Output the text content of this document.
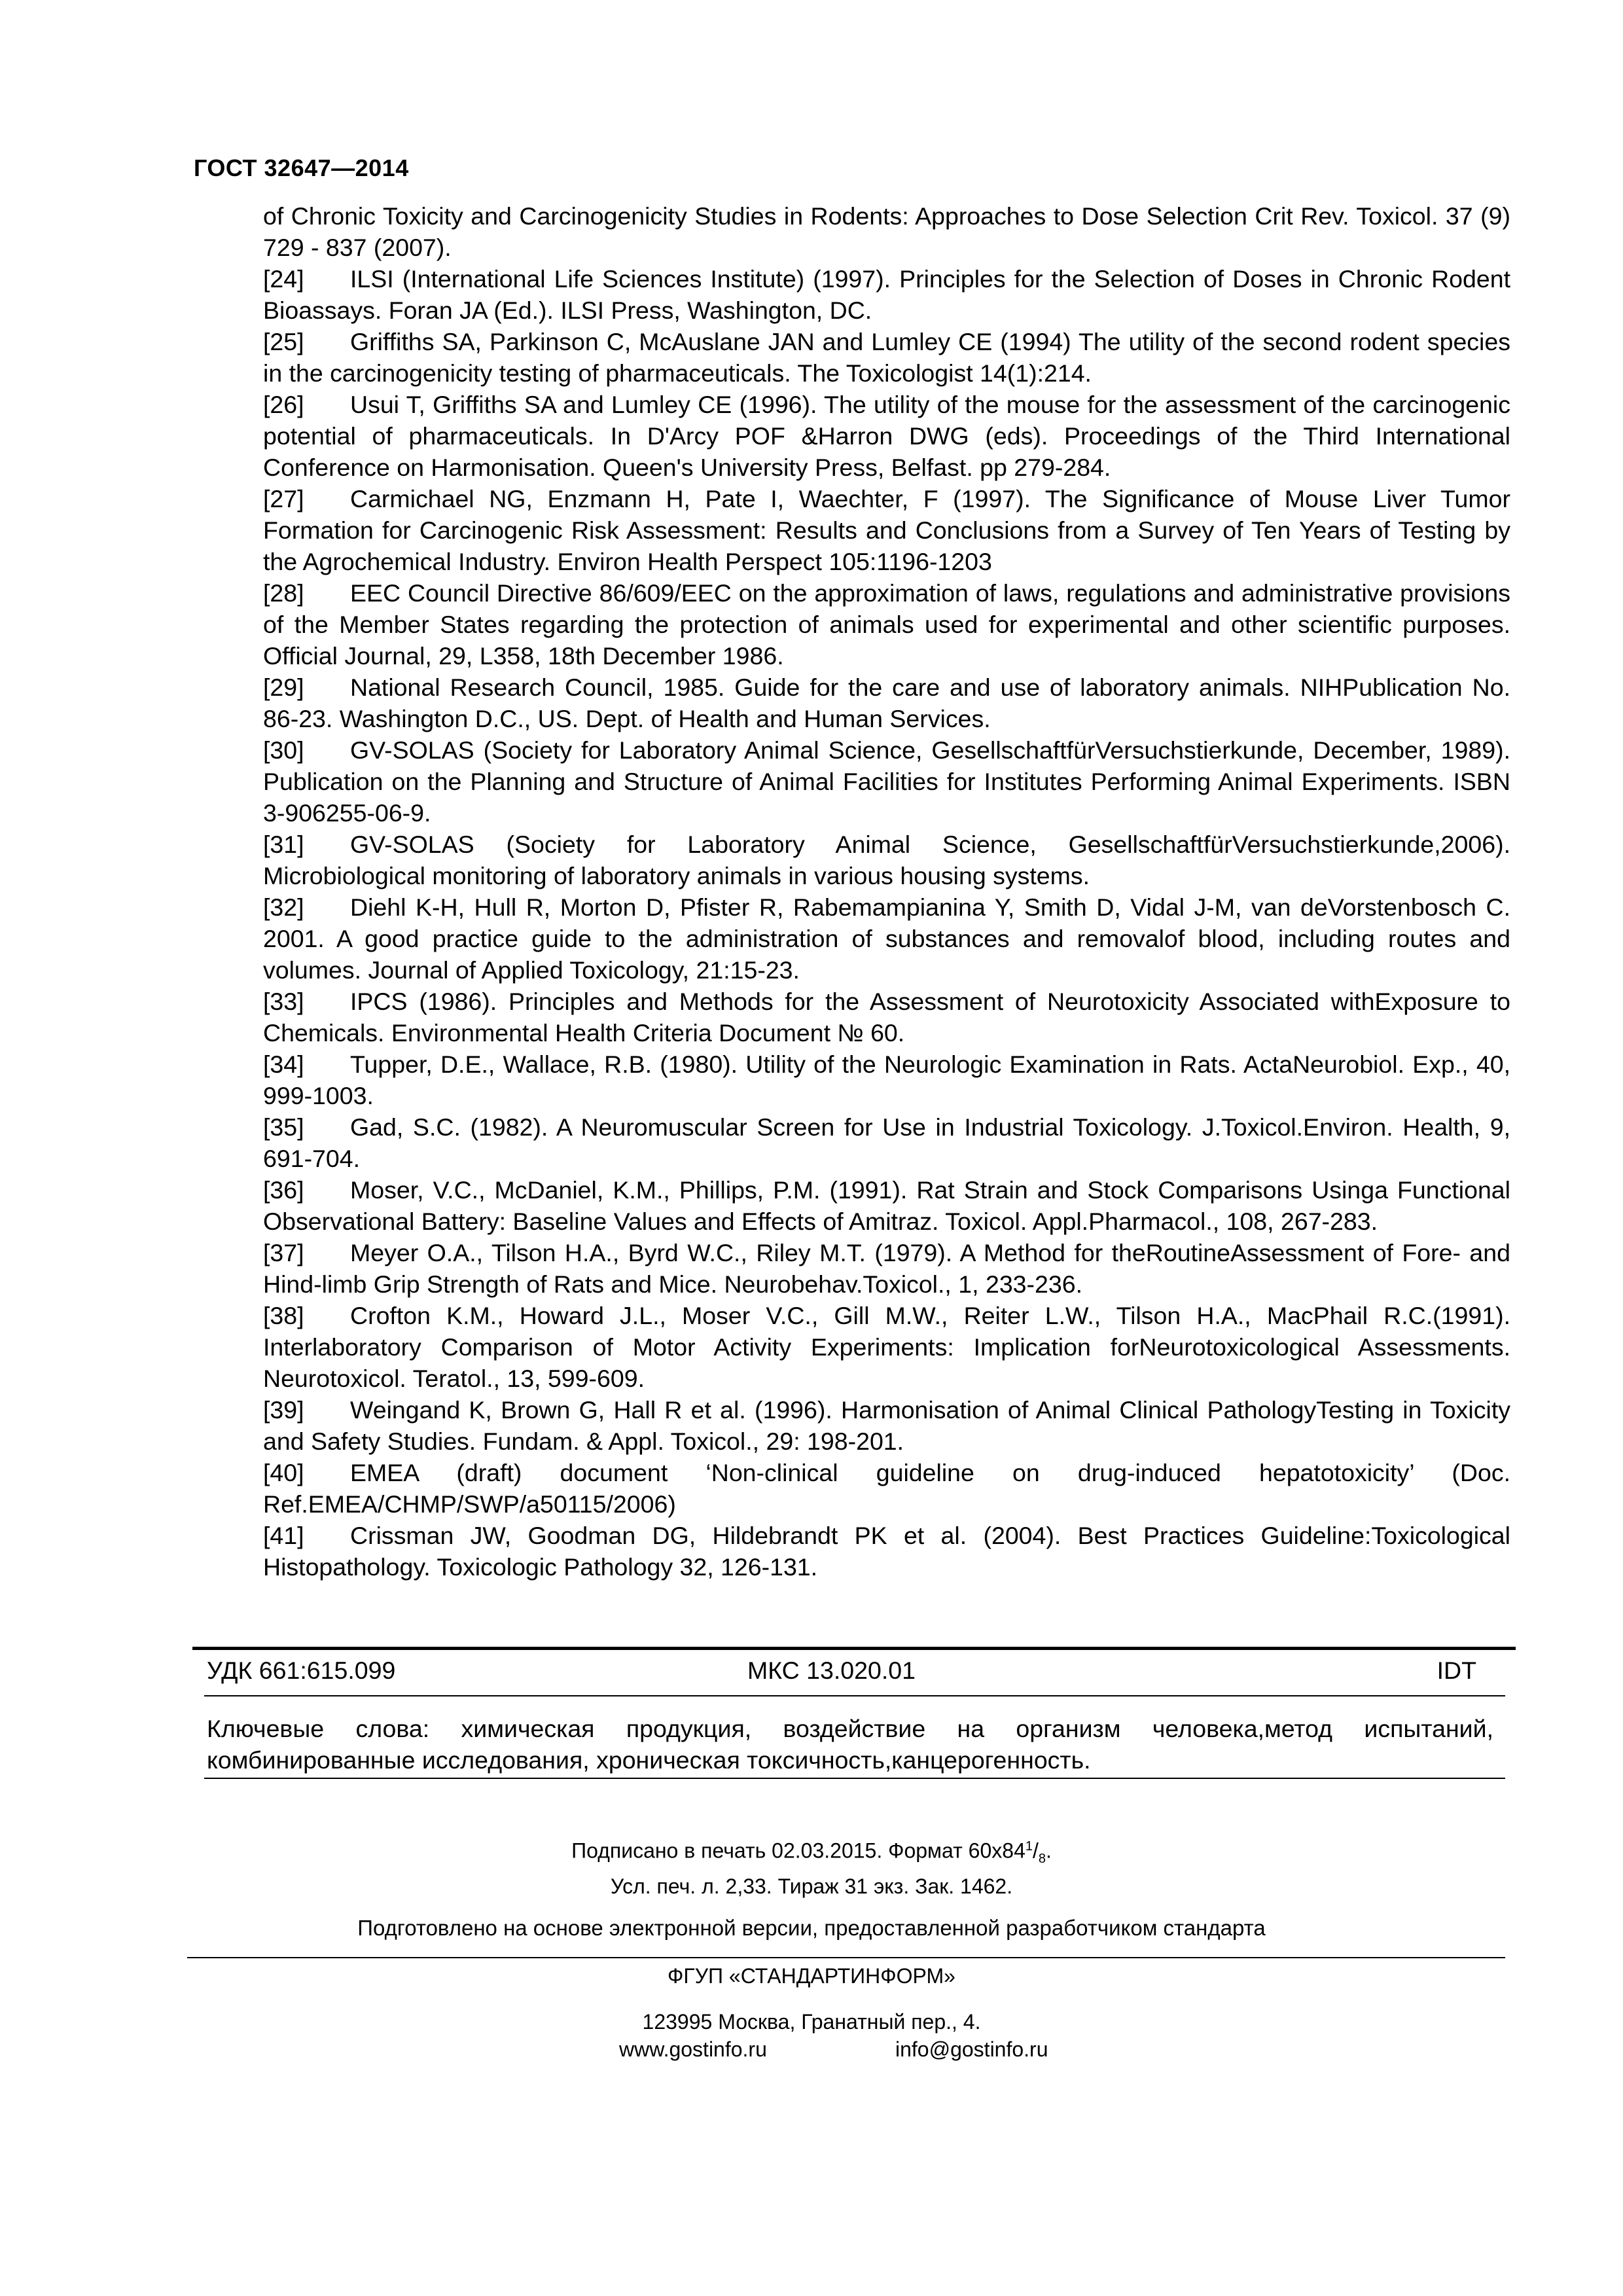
ГОСТ 32647—2014

of Chronic Toxicity and Carcinogenicity Studies in Rodents: Approaches to Dose Selection Crit Rev. Toxicol. 37 (9) 729 - 837 (2007).

[24] ILSI (International Life Sciences Institute) (1997). Principles for the Selection of Doses in Chronic Rodent Bioassays. Foran JA (Ed.). ILSI Press, Washington, DC.

[25] Griffiths SA, Parkinson C, McAuslane JAN and Lumley CE (1994) The utility of the second rodent species in the carcinogenicity testing of pharmaceuticals. The Toxicologist 14(1):214.

[26] Usui T, Griffiths SA and Lumley CE (1996). The utility of the mouse for the assessment of the carcinogenic potential of pharmaceuticals. In D'Arcy POF &Harron DWG (eds). Proceedings of the Third International Conference on Harmonisation. Queen's University Press, Belfast. pp 279-284.

[27] Carmichael NG, Enzmann H, Pate I, Waechter, F (1997). The Significance of Mouse Liver Tumor Formation for Carcinogenic Risk Assessment: Results and Conclusions from a Survey of Ten Years of Testing by the Agrochemical Industry. Environ Health Perspect 105:1196-1203

[28] EEC Council Directive 86/609/EEC on the approximation of laws, regulations and administrative provisions of the Member States regarding the protection of animals used for experimental and other scientific purposes. Official Journal, 29, L358, 18th December 1986.

[29] National Research Council, 1985. Guide for the care and use of laboratory animals. NIHPublication No. 86-23. Washington D.C., US. Dept. of Health and Human Services.

[30] GV-SOLAS (Society for Laboratory Animal Science, GesellschaftfürVersuchstierkunde, December, 1989). Publication on the Planning and Structure of Animal Facilities for Institutes Performing Animal Experiments. ISBN 3-906255-06-9.

[31] GV-SOLAS (Society for Laboratory Animal Science, GesellschaftfürVersuchstierkunde,2006). Microbiological monitoring of laboratory animals in various housing systems.

[32] Diehl K-H, Hull R, Morton D, Pfister R, Rabemampianina Y, Smith D, Vidal J-M, van deVorstenbosch C. 2001. A good practice guide to the administration of substances and removalof blood, including routes and volumes. Journal of Applied Toxicology, 21:15-23.

[33] IPCS (1986). Principles and Methods for the Assessment of Neurotoxicity Associated withExposure to Chemicals. Environmental Health Criteria Document № 60.

[34] Tupper, D.E., Wallace, R.B. (1980). Utility of the Neurologic Examination in Rats. ActaNeurobiol. Exp., 40, 999-1003.

[35] Gad, S.C. (1982). A Neuromuscular Screen for Use in Industrial Toxicology. J.Toxicol.Environ. Health, 9, 691-704.

[36] Moser, V.C., McDaniel, K.M., Phillips, P.M. (1991). Rat Strain and Stock Comparisons Usinga Functional Observational Battery: Baseline Values and Effects of Amitraz. Toxicol. Appl.Pharmacol., 108, 267-283.

[37] Meyer O.A., Tilson H.A., Byrd W.C., Riley M.T. (1979). A Method for theRoutineAssessment of Fore- and Hind-limb Grip Strength of Rats and Mice. Neurobehav.Toxicol., 1, 233-236.

[38] Crofton K.M., Howard J.L., Moser V.C., Gill M.W., Reiter L.W., Tilson H.A., MacPhail R.C.(1991). Interlaboratory Comparison of Motor Activity Experiments: Implication forNeurotoxicological Assessments. Neurotoxicol. Teratol., 13, 599-609.

[39] Weingand K, Brown G, Hall R et al. (1996). Harmonisation of Animal Clinical PathologyTesting in Toxicity and Safety Studies. Fundam. & Appl. Toxicol., 29: 198-201.

[40] EMEA (draft) document ‘Non-clinical guideline on drug-induced hepatotoxicity’ (Doc. Ref.EMEA/CHMP/SWP/a50115/2006)

[41] Crissman JW, Goodman DG, Hildebrandt PK et al. (2004). Best Practices Guideline:Toxicological Histopathology. Toxicologic Pathology 32, 126-131.

УДК 661:615.099	МКС 13.020.01	IDT
Ключевые слова: химическая продукция, воздействие на организм человека,метод испытаний, комбинированные исследования, хроническая токсичность,канцерогенность.
Подписано в печать 02.03.2015. Формат $60x84^1/_8$.
Усл. печ. л. 2,33. Тираж 31 экз. Зак. 1462.
Подготовлено на основе электронной версии, предоставленной разработчиком стандарта
ФГУП «СТАНДАРТИНФОРМ»
123995 Москва, Гранатный пер., 4.
www.gostinfo.ru	info@gostinfo.ru
